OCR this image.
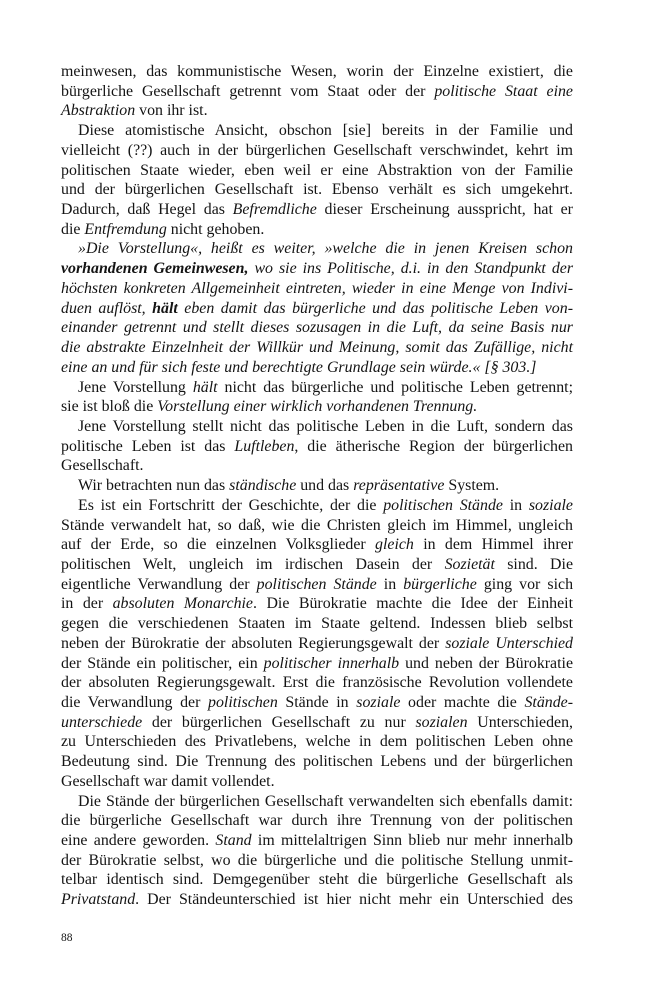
meinwesen, das kommunistische Wesen, worin der Einzelne existiert, die
bürgerliche Gesellschaft getrennt vom Staat oder der politische Staat eine
Abstraktion von ihr ist.
Diese atomistische Ansicht, obschon [sie] bereits in der Familie und
vielleicht (??) auch in der bürgerlichen Gesellschaft verschwindet, kehrt im
politischen Staate wieder, eben weil er eine Abstraktion von der Familie
und der bürgerlichen Gesellschaft ist. Ebenso verhält es sich umgekehrt.
Dadurch, daß Hegel das Befremdliche dieser Erscheinung ausspricht, hat er
die Entfremdung nicht gehoben.
»Die Vorstellung«, heißt es weiter, »welche die in jenen Kreisen schon
vorhandenen Gemeinwesen, wo sie ins Politische, d.i. in den Standpunkt der
höchsten konkreten Allgemeinheit eintreten, wieder in eine Menge von Indivi-
duen auflöst, hält eben damit das bürgerliche und das politische Leben von-
einander getrennt und stellt dieses sozusagen in die Luft, da seine Basis nur
die abstrakte Einzelnheit der Willkür und Meinung, somit das Zufällige, nicht
eine an und für sich feste und berechtigte Grundlage sein würde.« [§ 303.]
Jene Vorstellung hält nicht das bürgerliche und politische Leben getrennt;
sie ist bloß die Vorstellung einer wirklich vorhandenen Trennung.
Jene Vorstellung stellt nicht das politische Leben in die Luft, sondern das
politische Leben ist das Luftleben, die ätherische Region der bürgerlichen
Gesellschaft.
Wir betrachten nun das ständische und das repräsentative System.
Es ist ein Fortschritt der Geschichte, der die politischen Stände in soziale
Stände verwandelt hat, so daß, wie die Christen gleich im Himmel, ungleich
auf der Erde, so die einzelnen Volksglieder gleich in dem Himmel ihrer
politischen Welt, ungleich im irdischen Dasein der Sozietät sind. Die
eigentliche Verwandlung der politischen Stände in bürgerliche ging vor sich
in der absoluten Monarchie. Die Bürokratie machte die Idee der Einheit
gegen die verschiedenen Staaten im Staate geltend. Indessen blieb selbst
neben der Bürokratie der absoluten Regierungsgewalt der soziale Unterschied
der Stände ein politischer, ein politischer innerhalb und neben der Bürokratie
der absoluten Regierungsgewalt. Erst die französische Revolution vollendete
die Verwandlung der politischen Stände in soziale oder machte die Stände-
unterschiede der bürgerlichen Gesellschaft zu nur sozialen Unterschieden,
zu Unterschieden des Privatlebens, welche in dem politischen Leben ohne
Bedeutung sind. Die Trennung des politischen Lebens und der bürgerlichen
Gesellschaft war damit vollendet.
Die Stände der bürgerlichen Gesellschaft verwandelten sich ebenfalls damit:
die bürgerliche Gesellschaft war durch ihre Trennung von der politischen
eine andere geworden. Stand im mittelaltrigen Sinn blieb nur mehr innerhalb
der Bürokratie selbst, wo die bürgerliche und die politische Stellung unmit-
telbar identisch sind. Demgegenüber steht die bürgerliche Gesellschaft als
Privatstand. Der Ständeunterschied ist hier nicht mehr ein Unterschied des
88
